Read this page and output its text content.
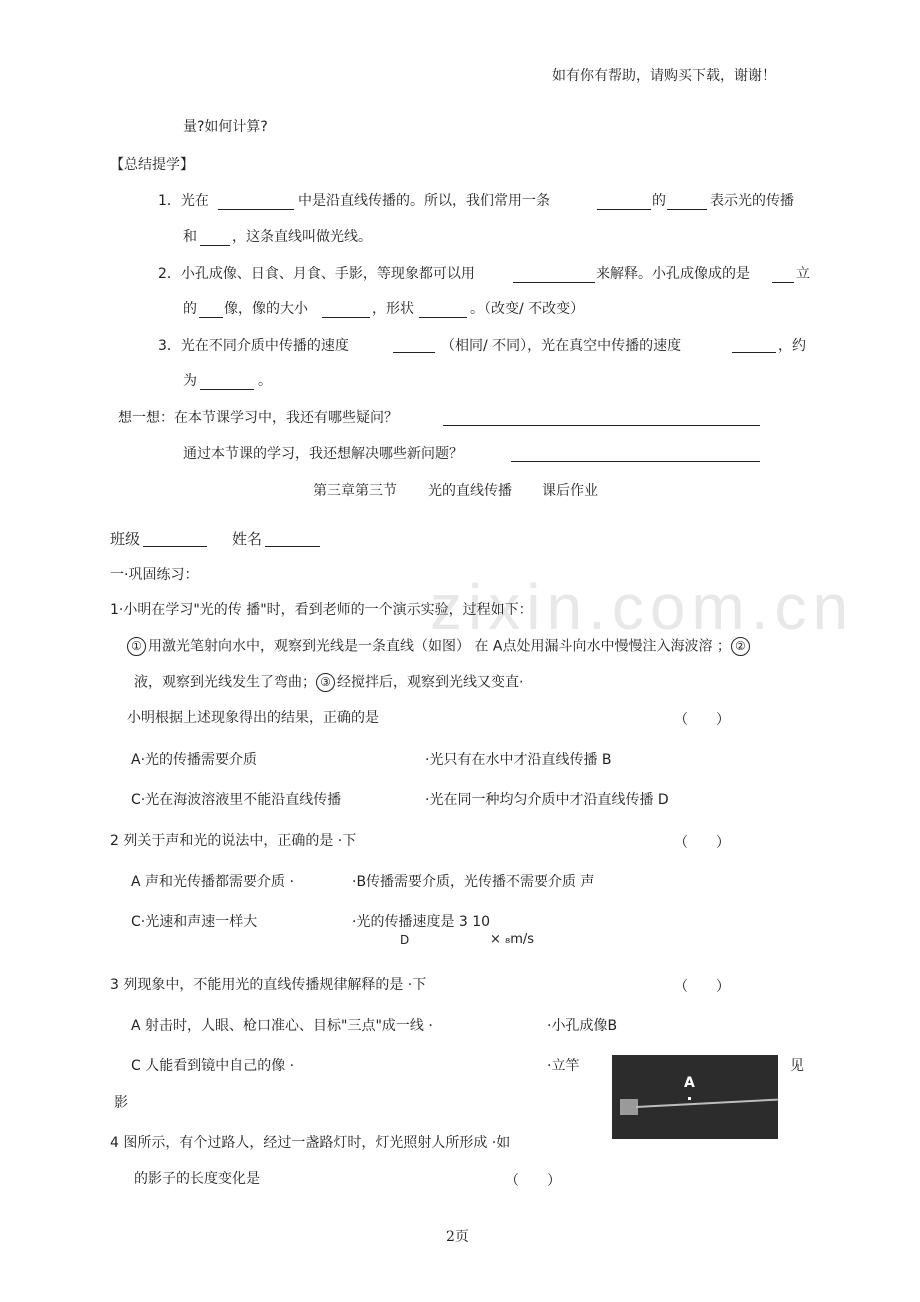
zixin.com.cn
如有你有帮助，请购买下载，谢谢！
量?如何计算?
【总结提学】
1．光在	中是沿直线传播的。所以，我们常用一条	的	表示光的传播
和	，这条直线叫做光线。
2．小孔成像、日食、月食、手影，等现象都可以用	来解释。小孔成像成的是	立
的 像，像的大小	，形状	。（改变/ 不改变）
3．光在不同介质中传播的速度	（相同/ 不同），光在真空中传播的速度	，约
为	。
想一想：在本节课学习中，我还有哪些疑问？
通过本节课的学习，我还想解决哪些新问题？
第三章第三节 光的直线传播 课后作业
班级	姓名
一·巩固练习：
1·小明在学习"光的传 播"时，看到老师的一个演示实验，过程如下：
① 用激光笔射向水中，观察到光线是一条直线（如图） 在 A点处用漏斗向水中慢慢注入海波溶 ； ②
液，观察到光线发生了弯曲； ③ 经搅拌后，观察到光线又变直·
小明根据上述现象得出的结果，正确的是	（　　）
A·光的传播需要介质	·光只有在水中才沿直线传播 B
C·光在海波溶液里不能沿直线传播	·光在同一种均匀介质中才沿直线传播 D
2 列关于声和光的说法中，正确的是 ·下	（　　）
A 声和光传播都需要介质 ·	·B传播需要介质，光传播不需要介质 声
C·光速和声速一样大	·光的传播速度是 3 10
D	× ₈m/s
3 列现象中，不能用光的直线传播规律解释的是 ·下	（　　）
A 射击时，人眼、枪口准心、目标"三点"成一线 ·	·小孔成像B
C 人能看到镜中自己的像 ·	·立竿	见
影
A
4 图所示，有个过路人，经过一盏路灯时，灯光照射人所形成 ·如
的影子的长度变化是	（　　）
2页
